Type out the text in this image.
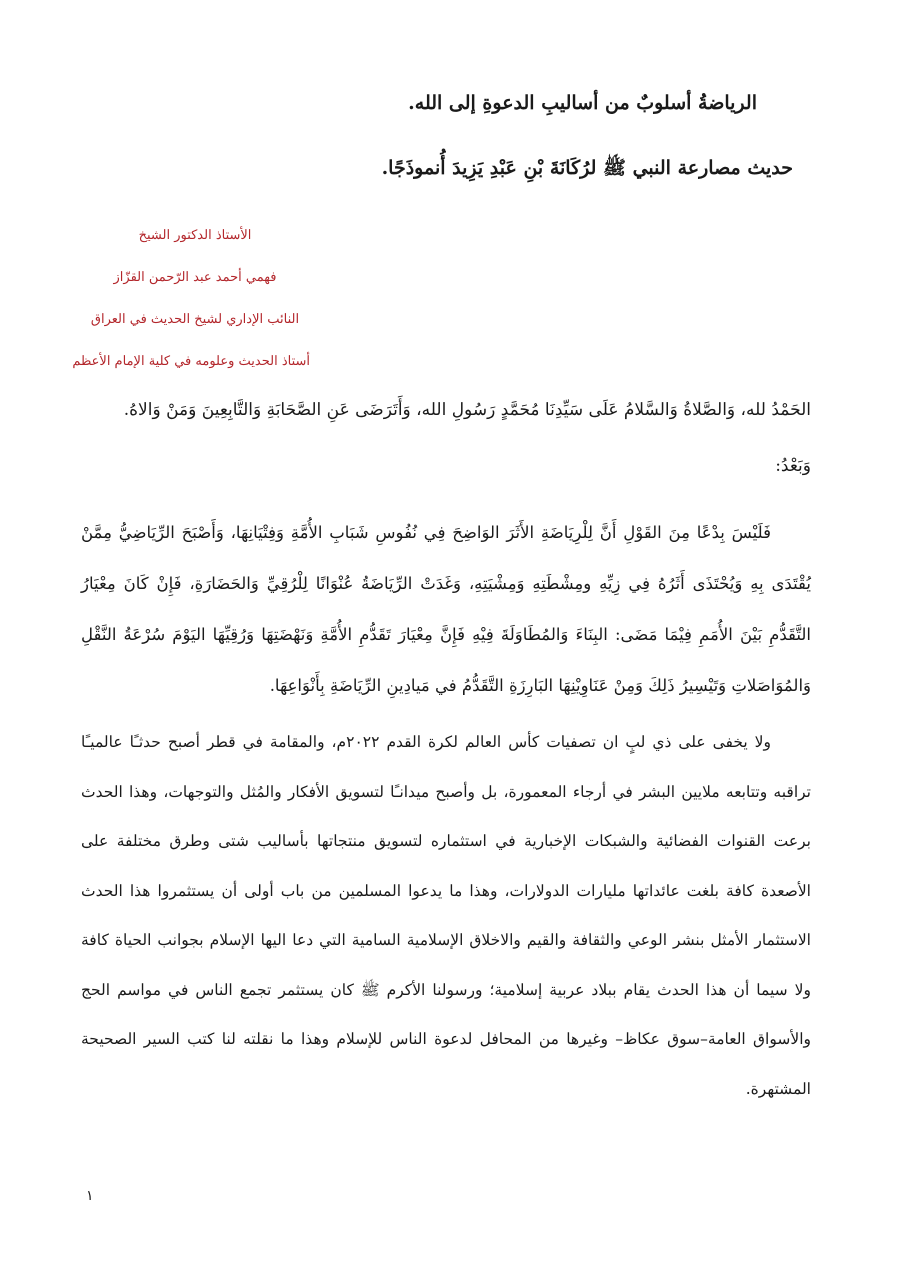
الرياضةُ أسلوبٌ من أساليبِ الدعوةِ إلى الله.
حديث مصارعة النبي ﷺ لرُكَانَةَ بْنِ عَبْدِ يَزِيدَ أُنموذَجًا.
الأستاذ الدكتور الشيخ
فهمي أحمد عبد الرّحمن القزّاز
النائب الإداري لشيخ الحديث في العراق
أستاذ الحديث وعلومه في كلية الإمام الأعظم
الحَمْدُ لله، وَالصَّلاةُ وَالسَّلامُ عَلَى سَيِّدِنَا مُحَمَّدٍ رَسُولِ الله، وَأَتَرَضَى عَنِ الصَّحَابَةِ وَالتَّابِعِينَ وَمَنْ وَالاهُ.
وَبَعْدُ:

فَلَيْسَ بِدْعًا مِنَ القَوْلِ أَنَّ لِلْرِيَاضَةِ الأَثَرَ الوَاضِحَ فِي نُفُوسِ شَبَابِ الأُمَّةِ وَفِتْيَانِهَا، وَأَصْبَحَ الرِّيَاضِيُّ مِمَّنْ يُقْتَدَى بِهِ وَيُحْتَذَى أَثَرُهُ فِي زِيِّهِ ومِشْطَتِهِ وَمِشْيَتِهِ، وَغَدَتْ الرِّيَاضَةُ عُنْوَانًا لِلْرُقِيِّ وَالحَضَارَةِ، فَإِنْ كَانَ مِعْيَارُ التَّقَدُّمِ بَيْنَ الأُمَمِ فِيْمَا مَضَى: البِنَاءَ وَالمُطَاوَلَةَ فِيْهِ فَإِنَّ مِعْيَارَ تَقَدُّمِ الأُمَّةِ وَنَهْضَتِهَا وَرُقِيِّهَا اليَوْمَ سُرْعَةُ النَّقْلِ وَالمُوَاصَلاتِ وَتَيْسِيرُ ذَلِكَ وَمِنْ عَنَاوِيْنِهَا البَارِزَةِ التَّقَدُّمُ في مَيادِينِ الرِّيَاضَةِ بِأَنْوَاعِهَا.

ولا يخفى على ذي لبٍ ان تصفيات كأس العالم لكرة القدم ٢٠٢٢م، والمقامة في قطر أصبح حدثـًا عالميـًا تراقبه وتتابعه ملايين البشر في أرجاء المعمورة، بل وأصبح ميدانـًا لتسويق الأفكار والمُثل والتوجهات، وهذا الحدث برعت القنوات الفضائية والشبكات الإخبارية في استثماره لتسويق منتجاتها بأساليب شتى وطرق مختلفة على الأصعدة كافة بلغت عائداتها مليارات الدولارات، وهذا ما يدعوا المسلمين من باب أولى أن يستثمروا هذا الحدث الاستثمار الأمثل بنشر الوعي والثقافة والقيم والاخلاق الإسلامية السامية التي دعا اليها الإسلام بجوانب الحياة كافة ولا سيما أن هذا الحدث يقام ببلاد عربية إسلامية؛ ورسولنا الأكرم ﷺ كان يستثمر تجمع الناس في مواسم الحج والأسواق العامة–سوق عكاظ– وغيرها من المحافل لدعوة الناس للإسلام وهذا ما نقلته لنا كتب السير الصحيحة المشتهرة.

١
